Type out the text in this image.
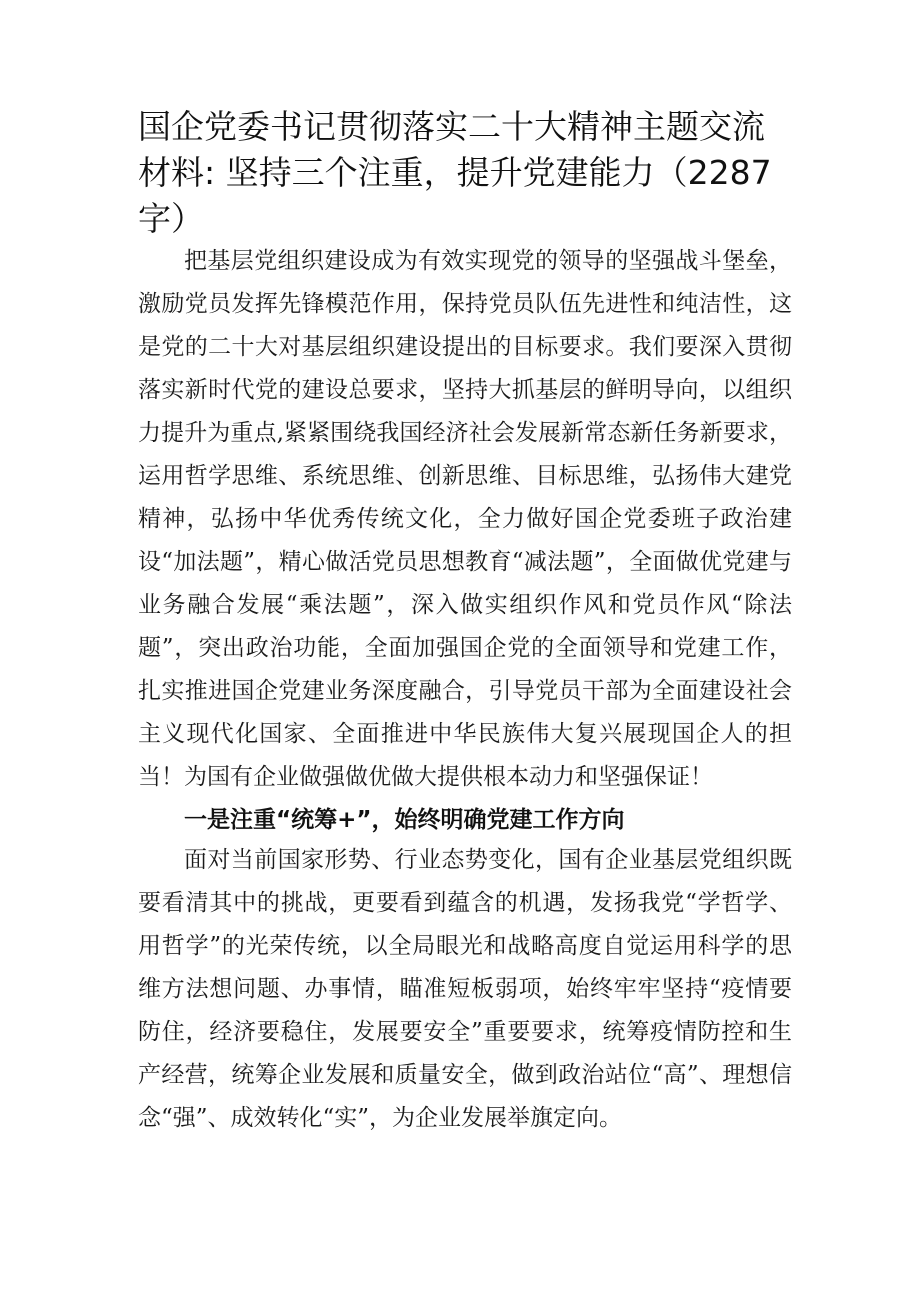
国企党委书记贯彻落实二十大精神主题交流材料: 坚持三个注重，提升党建能力（2287字）

把基层党组织建设成为有效实现党的领导的坚强战斗堡垒，激励党员发挥先锋模范作用，保持党员队伍先进性和纯洁性，这是党的二十大对基层组织建设提出的目标要求。我们要深入贯彻落实新时代党的建设总要求，坚持大抓基层的鲜明导向，以组织力提升为重点,紧紧围绕我国经济社会发展新常态新任务新要求，运用哲学思维、系统思维、创新思维、目标思维，弘扬伟大建党精神，弘扬中华优秀传统文化，全力做好国企党委班子政治建设“加法题”，精心做活党员思想教育“减法题”，全面做优党建与业务融合发展“乘法题”，深入做实组织作风和党员作风“除法题”，突出政治功能，全面加强国企党的全面领导和党建工作，扎实推进国企党建业务深度融合，引导党员干部为全面建设社会主义现代化国家、全面推进中华民族伟大复兴展现国企人的担当！为国有企业做强做优做大提供根本动力和坚强保证！

一是注重“统筹+”，始终明确党建工作方向

面对当前国家形势、行业态势变化，国有企业基层党组织既要看清其中的挑战，更要看到蕴含的机遇，发扬我党“学哲学、用哲学”的光荣传统，以全局眼光和战略高度自觉运用科学的思维方法想问题、办事情，瞄准短板弱项，始终牢牢坚持“疫情要防住，经济要稳住，发展要安全”重要要求，统筹疫情防控和生产经营，统筹企业发展和质量安全，做到政治站位“高”、理想信念“强”、成效转化“实”，为企业发展举旗定向。
